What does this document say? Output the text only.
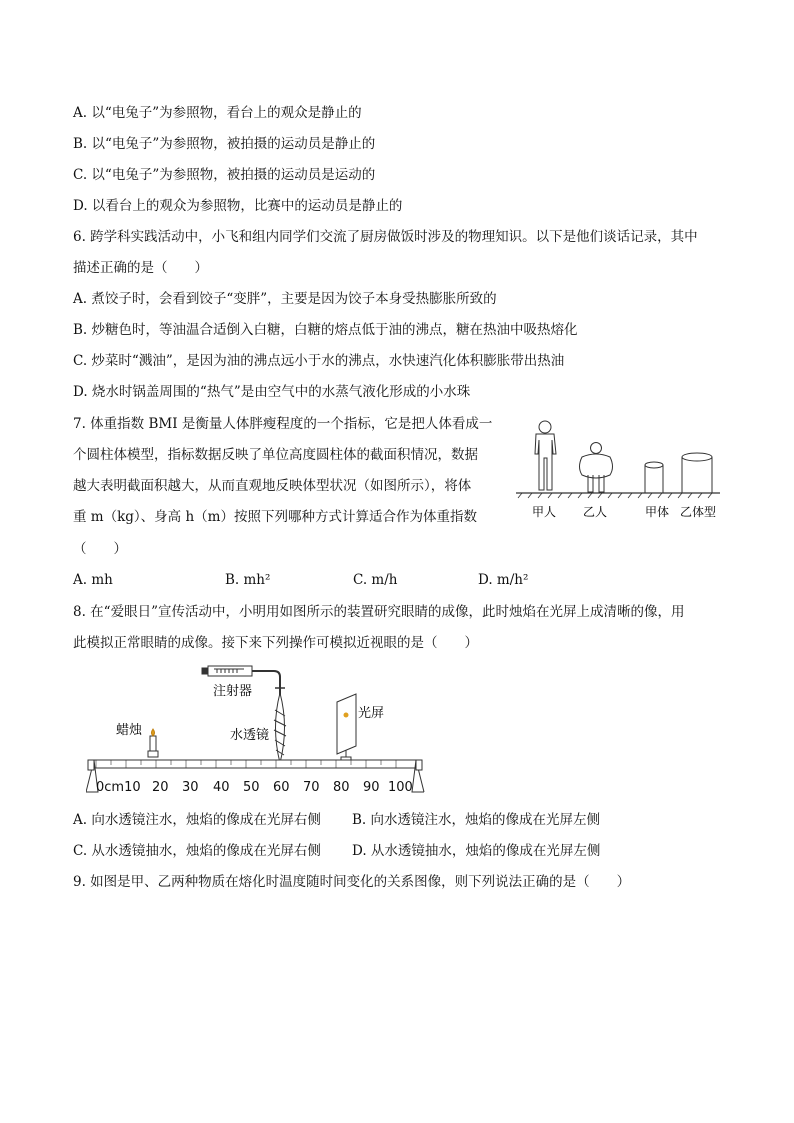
A. 以“电兔子”为参照物，看台上的观众是静止的
B. 以“电兔子”为参照物，被拍摄的运动员是静止的
C. 以“电兔子”为参照物，被拍摄的运动员是运动的
D. 以看台上的观众为参照物，比赛中的运动员是静止的
6. 跨学科实践活动中，小飞和组内同学们交流了厨房做饭时涉及的物理知识。以下是他们谈话记录，其中
描述正确的是（　　）
A. 煮饺子时，会看到饺子“变胖”，主要是因为饺子本身受热膨胀所致的
B. 炒糖色时，等油温合适倒入白糖，白糖的熔点低于油的沸点，糖在热油中吸热熔化
C. 炒菜时“溅油”，是因为油的沸点远小于水的沸点，水快速汽化体积膨胀带出热油
D. 烧水时锅盖周围的“热气”是由空气中的水蒸气液化形成的小水珠
7. 体重指数 BMI 是衡量人体胖瘦程度的一个指标，它是把人体看成一
个圆柱体模型，指标数据反映了单位高度圆柱体的截面积情况，数据
越大表明截面积越大，从而直观地反映体型状况（如图所示），将体
重 m（kg）、身高 h（m）按照下列哪种方式计算适合作为体重指数
（　　）
甲人 乙人	甲体 乙体型
A. mh	B. mh²	C. m/h	D. m/h²
8. 在“爱眼日”宣传活动中，小明用如图所示的装置研究眼睛的成像，此时烛焰在光屏上成清晰的像，用
此模拟正常眼睛的成像。接下来下列操作可模拟近视眼的是（　　）
注射器
水透镜
蜡烛
光屏
0cm10 20 30 40 50 60 70 80 90 100
A. 向水透镜注水，烛焰的像成在光屏右侧 B. 向水透镜注水，烛焰的像成在光屏左侧
C. 从水透镜抽水，烛焰的像成在光屏右侧 D. 从水透镜抽水，烛焰的像成在光屏左侧
9. 如图是甲、乙两种物质在熔化时温度随时间变化的关系图像，则下列说法正确的是（　　）
